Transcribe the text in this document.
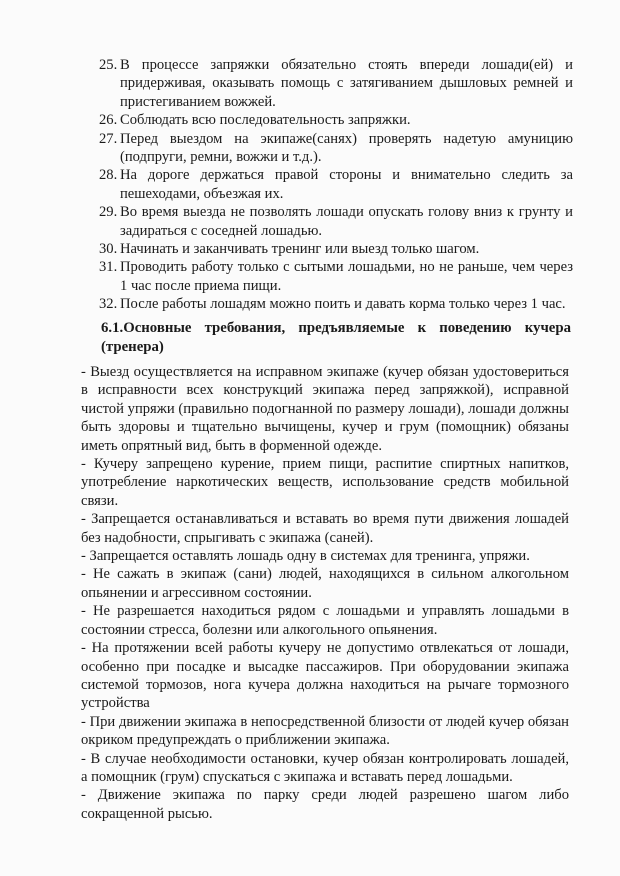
25. В процессе запряжки обязательно стоять впереди лошади(ей) и придерживая, оказывать помощь с затягиванием дышловых ремней и пристегиванием вожжей.
26. Соблюдать всю последовательность запряжки.
27. Перед выездом на экипаже(санях) проверять надетую амуницию (подпруги, ремни, вожжи и т.д.).
28. На дороге держаться правой стороны и внимательно следить за пешеходами, объезжая их.
29. Во время выезда не позволять лошади опускать голову вниз к грунту и задираться с соседней лошадью.
30. Начинать и заканчивать тренинг или выезд только шагом.
31. Проводить работу только с сытыми лошадьми, но не раньше, чем через 1 час после приема пищи.
32. После работы лошадям можно поить и давать корма только через 1 час.
6.1.Основные требования, предъявляемые к поведению кучера (тренера)

- Выезд осуществляется на исправном экипаже (кучер обязан удостовериться в исправности всех конструкций экипажа перед запряжкой), исправной чистой упряжи (правильно подогнанной по размеру лошади), лошади должны быть здоровы и тщательно вычищены, кучер и грум (помощник) обязаны иметь опрятный вид, быть в форменной одежде.

- Кучеру запрещено курение, прием пищи, распитие спиртных напитков, употребление наркотических веществ, использование средств мобильной связи.

- Запрещается останавливаться и вставать во время пути движения лошадей без надобности, спрыгивать с экипажа (саней).

- Запрещается оставлять лошадь одну в системах для тренинга, упряжи.

- Не сажать в экипаж (сани) людей, находящихся в сильном алкогольном опьянении и агрессивном состоянии.

- Не разрешается находиться рядом с лошадьми и управлять лошадьми в состоянии стресса, болезни или алкогольного опьянения.

- На протяжении всей работы кучеру не допустимо отвлекаться от лошади, особенно при посадке и высадке пассажиров. При оборудовании экипажа системой тормозов, нога кучера должна находиться на рычаге тормозного устройства

- При движении экипажа в непосредственной близости от людей кучер обязан окриком предупреждать о приближении экипажа.

- В случае необходимости остановки, кучер обязан контролировать лошадей, а помощник (грум) спускаться с экипажа и вставать перед лошадьми.

- Движение экипажа по парку среди людей разрешено шагом либо сокращенной рысью.
